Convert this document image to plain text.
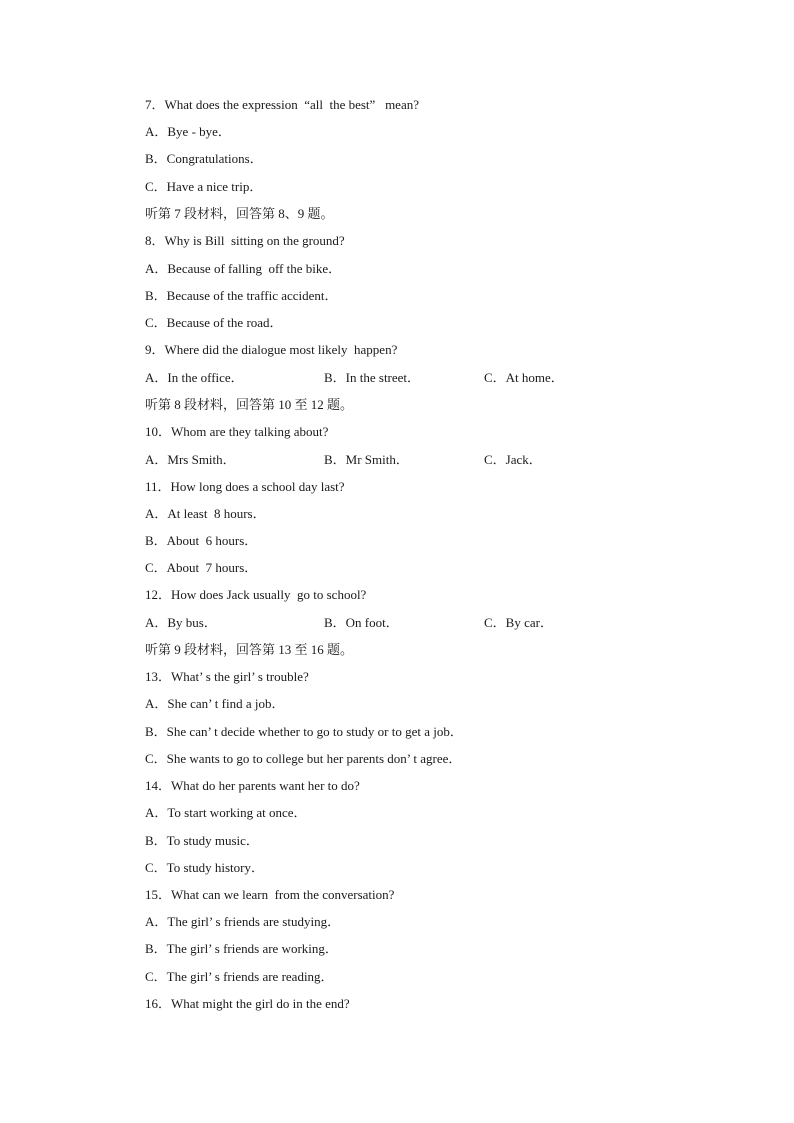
7．What does the expression  “all  the best”   mean?
A．Bye - bye．
B．Congratulations．
C．Have a nice trip．
听第 7 段材料，回答第 8、9 题。
8．Why is Bill  sitting on the ground?
A．Because of falling  off the bike．
B．Because of the traffic accident．
C．Because of the road．
9．Where did the dialogue most likely  happen?
A．In the office．	B．In the street．	C．At home．
听第 8 段材料，回答第 10 至 12 题。
10．Whom are they talking about?
A．Mrs Smith．	B．Mr Smith．	C．Jack．
11．How long does a school day last?
A．At least  8 hours．
B．About  6 hours．
C．About  7 hours．
12．How does Jack usually  go to school?
A．By bus．	B．On foot．	C．By car．
听第 9 段材料，回答第 13 至 16 题。
13．What’ s the girl’ s trouble?
A．She can’ t find a job．
B．She can’ t decide whether to go to study or to get a job．
C．She wants to go to college but her parents don’ t agree．
14．What do her parents want her to do?
A．To start working at once．
B．To study music．
C．To study history．
15．What can we learn  from the conversation?
A．The girl’ s friends are studying．
B．The girl’ s friends are working．
C．The girl’ s friends are reading．
16．What might the girl do in the end?
